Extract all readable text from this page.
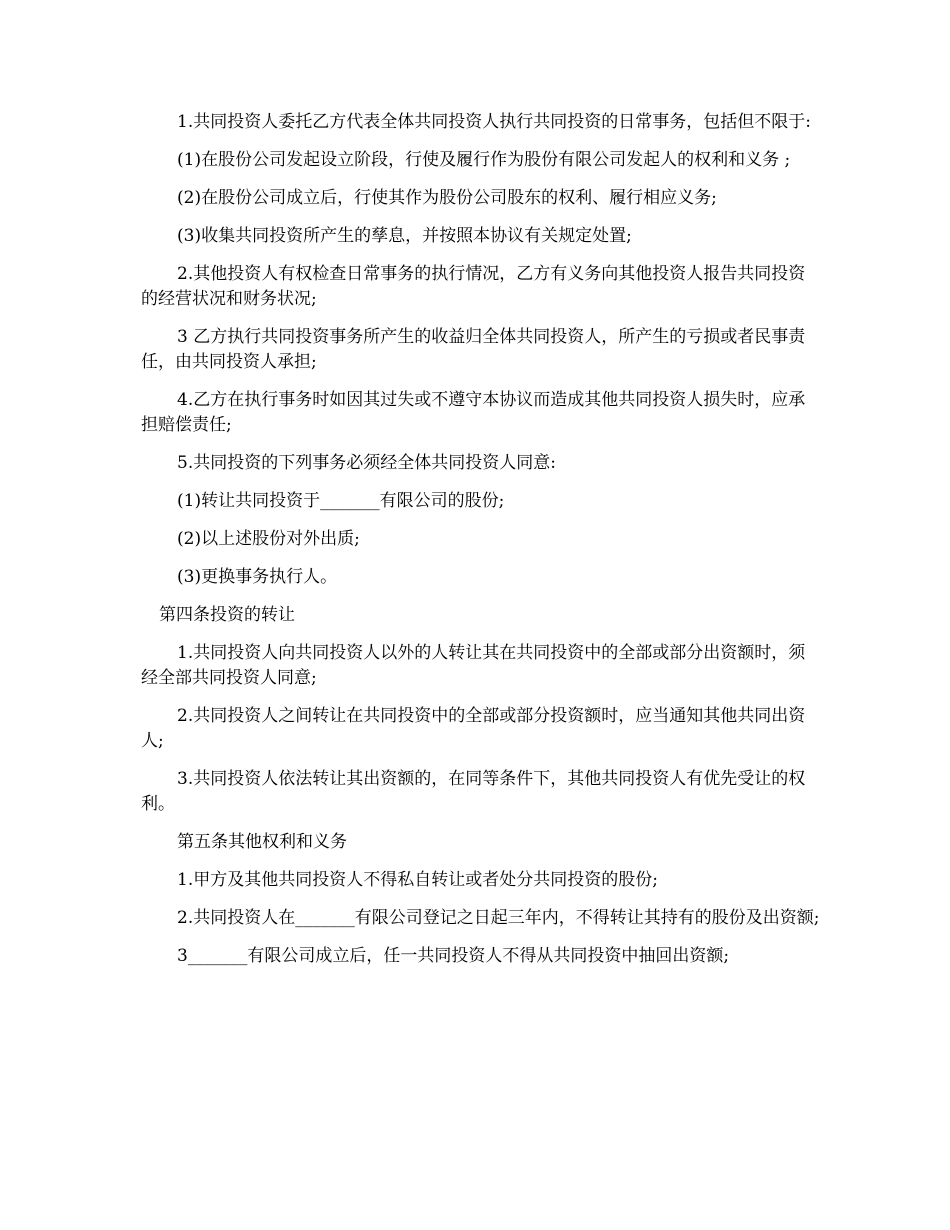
1.共同投资人委托乙方代表全体共同投资人执行共同投资的日常事务，包括但不限于:

(1)在股份公司发起设立阶段，行使及履行作为股份有限公司发起人的权利和义务 ;

(2)在股份公司成立后，行使其作为股份公司股东的权利、履行相应义务;

(3)收集共同投资所产生的孳息，并按照本协议有关规定处置;

2.其他投资人有权检查日常事务的执行情况，乙方有义务向其他投资人报告共同投资的经营状况和财务状况;

3 乙方执行共同投资事务所产生的收益归全体共同投资人，所产生的亏损或者民事责任，由共同投资人承担;

4.乙方在执行事务时如因其过失或不遵守本协议而造成其他共同投资人损失时，应承担赔偿责任;

5.共同投资的下列事务必须经全体共同投资人同意:

(1)转让共同投资于_______有限公司的股份;

(2)以上述股份对外出质;

(3)更换事务执行人。

第四条投资的转让

1.共同投资人向共同投资人以外的人转让其在共同投资中的全部或部分出资额时，须经全部共同投资人同意;

2.共同投资人之间转让在共同投资中的全部或部分投资额时，应当通知其他共同出资人;

3.共同投资人依法转让其出资额的，在同等条件下，其他共同投资人有优先受让的权利。

第五条其他权利和义务

1.甲方及其他共同投资人不得私自转让或者处分共同投资的股份;

2.共同投资人在_______有限公司登记之日起三年内，不得转让其持有的股份及出资额;

3_______有限公司成立后，任一共同投资人不得从共同投资中抽回出资额;
